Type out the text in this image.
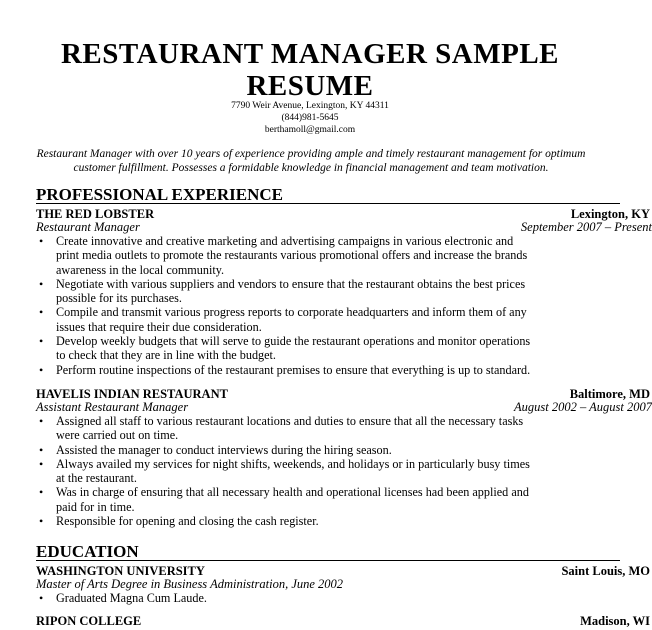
RESTAURANT MANAGER SAMPLE
RESUME
7790 Weir Avenue, Lexington, KY 44311
(844)981-5645
berthamoll@gmail.com
Restaurant Manager with over 10 years of experience providing ample and timely restaurant management for optimum customer fulfillment. Possesses a formidable knowledge in financial management and team motivation.
PROFESSIONAL EXPERIENCE
THE RED LOBSTER	Lexington, KY
Restaurant Manager	September 2007 – Present
• Create innovative and creative marketing and advertising campaigns in various electronic and print media outlets to promote the restaurants various promotional offers and increase the brands awareness in the local community.
• Negotiate with various suppliers and vendors to ensure that the restaurant obtains the best prices possible for its purchases.
• Compile and transmit various progress reports to corporate headquarters and inform them of any issues that require their due consideration.
• Develop weekly budgets that will serve to guide the restaurant operations and monitor operations to check that they are in line with the budget.
• Perform routine inspections of the restaurant premises to ensure that everything is up to standard.
HAVELIS INDIAN RESTAURANT	Baltimore, MD
Assistant Restaurant Manager	August 2002 – August 2007
• Assigned all staff to various restaurant locations and duties to ensure that all the necessary tasks were carried out on time.
• Assisted the manager to conduct interviews during the hiring season.
• Always availed my services for night shifts, weekends, and holidays or in particularly busy times at the restaurant.
• Was in charge of ensuring that all necessary health and operational licenses had been applied and paid for in time.
• Responsible for opening and closing the cash register.
EDUCATION
WASHINGTON UNIVERSITY	Saint Louis, MO
Master of Arts Degree in Business Administration, June 2002
• Graduated Magna Cum Laude.
RIPON COLLEGE	Madison, WI
